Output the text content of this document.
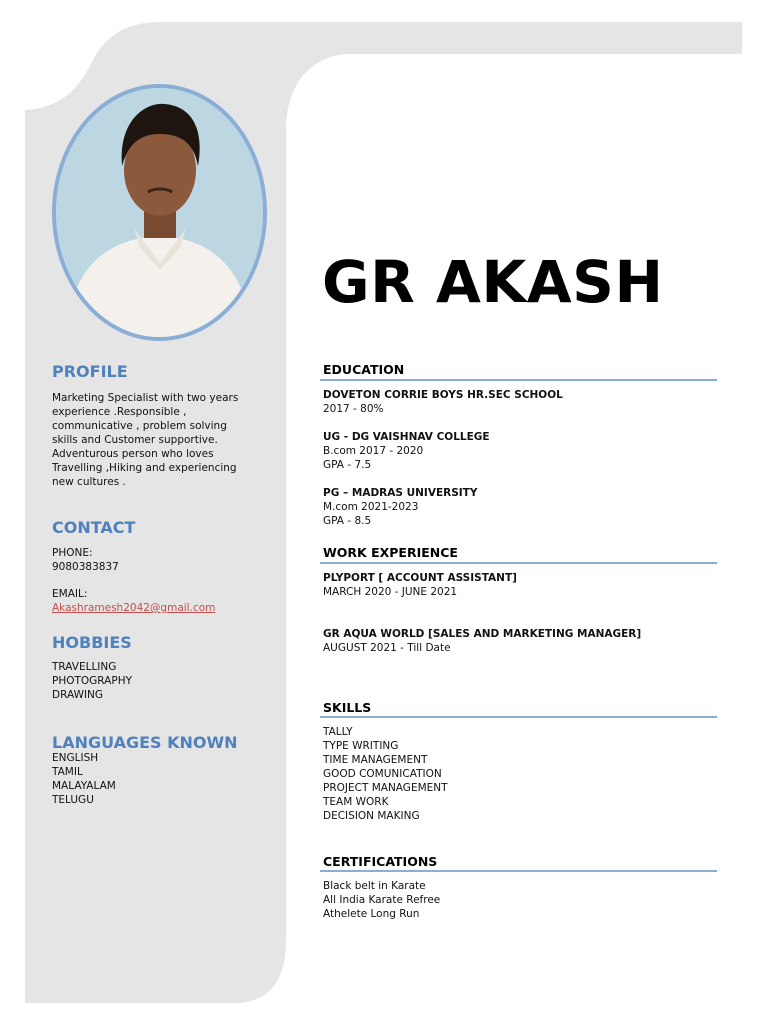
PROFILE

Marketing Specialist with two years experience .Responsible , communicative , problem solving skills and Customer supportive. Adventurous person who loves Travelling ,Hiking and experiencing new cultures .

CONTACT

PHONE:

9080383837

EMAIL:

Akashramesh2042@gmail.com

HOBBIES
TRAVELLING
PHOTOGRAPHY
DRAWING
LANGUAGES KNOWN
ENGLISH
TAMIL
MALAYALAM
TELUGU
GR AKASH
EDUCATION

DOVETON CORRIE BOYS HR.SEC SCHOOL
2017 - 80%

UG - DG VAISHNAV COLLEGE
B.com 2017 - 2020
GPA - 7.5

PG – MADRAS UNIVERSITY
M.com 2021-2023
GPA - 8.5

WORK EXPERIENCE

PLYPORT [ ACCOUNT ASSISTANT]
MARCH 2020 - JUNE 2021

GR AQUA WORLD [SALES AND MARKETING MANAGER]
AUGUST 2021 - Till Date

SKILLS
TALLY
TYPE WRITING
TIME MANAGEMENT
GOOD COMUNICATION
PROJECT MANAGEMENT
TEAM WORK
DECISION MAKING
CERTIFICATIONS
Black belt in Karate
All India Karate Refree
Athelete Long Run
